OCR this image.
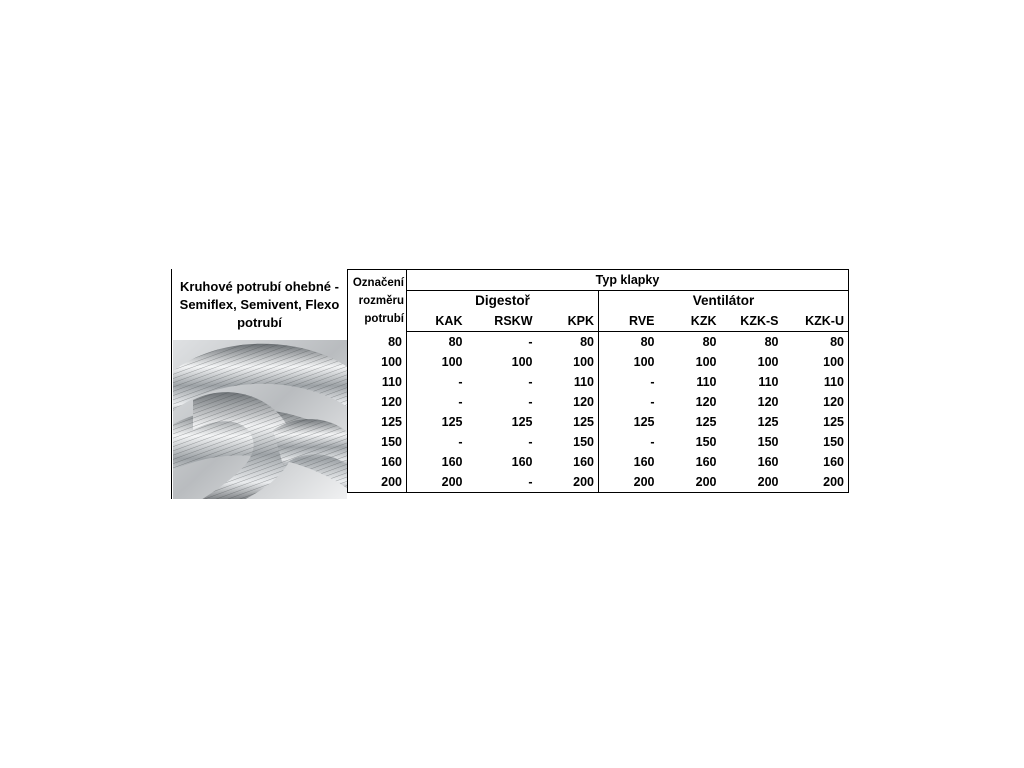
Kruhové potrubí ohebné -
Semiflex, Semivent, Flexo
potrubí
Označení
rozměru
potrubí	Typ klapky						
	Digestoř			Ventilátor			
	KAK	RSKW	KPK	RVE	KZK	KZK-S	KZK-U
80	80	-	80	80	80	80	80
100	100	100	100	100	100	100	100
110	-	-	110	-	110	110	110
120	-	-	120	-	120	120	120
125	125	125	125	125	125	125	125
150	-	-	150	-	150	150	150
160	160	160	160	160	160	160	160
200	200	-	200	200	200	200	200
